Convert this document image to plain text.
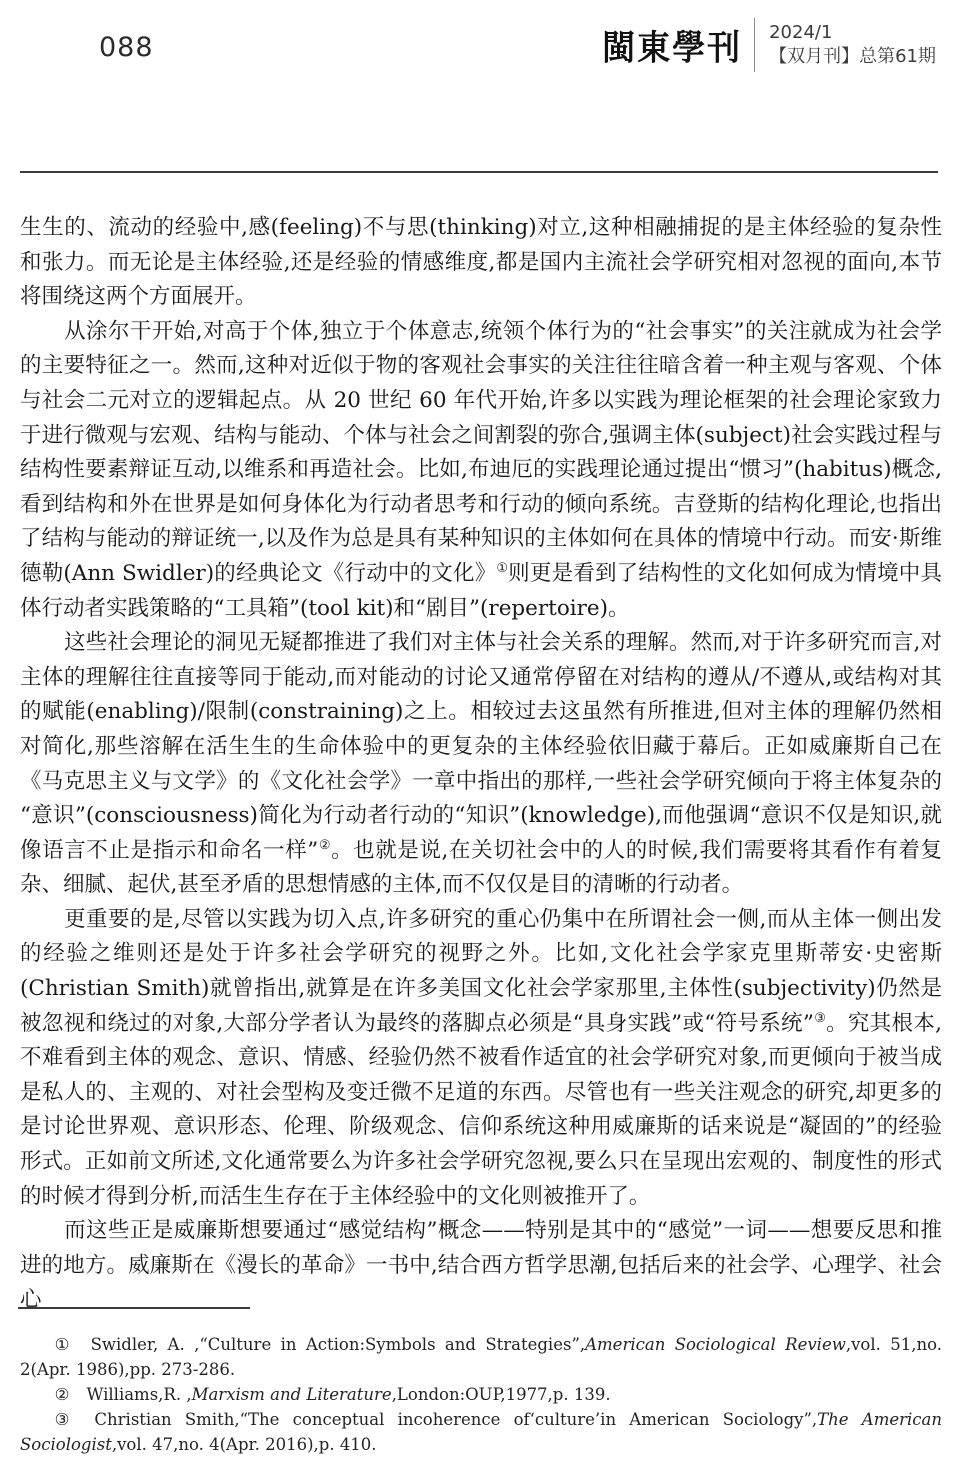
088	閩東學刊 2024/1
【双月刊】总第61期

生生的、流动的经验中,感(feeling)不与思(thinking)对立,这种相融捕捉的是主体经验的复杂性和张力。而无论是主体经验,还是经验的情感维度,都是国内主流社会学研究相对忽视的面向,本节将围绕这两个方面展开。

从涂尔干开始,对高于个体,独立于个体意志,统领个体行为的“社会事实”的关注就成为社会学的主要特征之一。然而,这种对近似于物的客观社会事实的关注往往暗含着一种主观与客观、个体与社会二元对立的逻辑起点。从 20 世纪 60 年代开始,许多以实践为理论框架的社会理论家致力于进行微观与宏观、结构与能动、个体与社会之间割裂的弥合,强调主体(subject)社会实践过程与结构性要素辩证互动,以维系和再造社会。比如,布迪厄的实践理论通过提出“惯习”(habitus)概念,看到结构和外在世界是如何身体化为行动者思考和行动的倾向系统。吉登斯的结构化理论,也指出了结构与能动的辩证统一,以及作为总是具有某种知识的主体如何在具体的情境中行动。而安·斯维德勒(Ann Swidler)的经典论文《行动中的文化》①则更是看到了结构性的文化如何成为情境中具体行动者实践策略的“工具箱”(tool kit)和“剧目”(repertoire)。

这些社会理论的洞见无疑都推进了我们对主体与社会关系的理解。然而,对于许多研究而言,对主体的理解往往直接等同于能动,而对能动的讨论又通常停留在对结构的遵从/不遵从,或结构对其的赋能(enabling)/限制(constraining)之上。相较过去这虽然有所推进,但对主体的理解仍然相对简化,那些溶解在活生生的生命体验中的更复杂的主体经验依旧藏于幕后。正如威廉斯自己在《马克思主义与文学》的《文化社会学》一章中指出的那样,一些社会学研究倾向于将主体复杂的“意识”(consciousness)简化为行动者行动的“知识”(knowledge),而他强调“意识不仅是知识,就像语言不止是指示和命名一样”②。也就是说,在关切社会中的人的时候,我们需要将其看作有着复杂、细腻、起伏,甚至矛盾的思想情感的主体,而不仅仅是目的清晰的行动者。

更重要的是,尽管以实践为切入点,许多研究的重心仍集中在所谓社会一侧,而从主体一侧出发的经验之维则还是处于许多社会学研究的视野之外。比如,文化社会学家克里斯蒂安·史密斯(Christian Smith)就曾指出,就算是在许多美国文化社会学家那里,主体性(subjectivity)仍然是被忽视和绕过的对象,大部分学者认为最终的落脚点必须是“具身实践”或“符号系统”③。究其根本,不难看到主体的观念、意识、情感、经验仍然不被看作适宜的社会学研究对象,而更倾向于被当成是私人的、主观的、对社会型构及变迁微不足道的东西。尽管也有一些关注观念的研究,却更多的是讨论世界观、意识形态、伦理、阶级观念、信仰系统这种用威廉斯的话来说是“凝固的”的经验形式。正如前文所述,文化通常要么为许多社会学研究忽视,要么只在呈现出宏观的、制度性的形式的时候才得到分析,而活生生存在于主体经验中的文化则被推开了。

而这些正是威廉斯想要通过“感觉结构”概念——特别是其中的“感觉”一词——想要反思和推进的地方。威廉斯在《漫长的革命》一书中,结合西方哲学思潮,包括后来的社会学、心理学、社会心

① Swidler, A. ,“Culture in Action:Symbols and Strategies”,American Sociological Review,vol. 51,no. 2(Apr. 1986),pp. 273-286.

② Williams,R. ,Marxism and Literature,London:OUP,1977,p. 139.

③ Christian Smith,“The conceptual incoherence of‘culture’in American Sociology”,The American Sociologist,vol. 47,no. 4(Apr. 2016),p. 410.
